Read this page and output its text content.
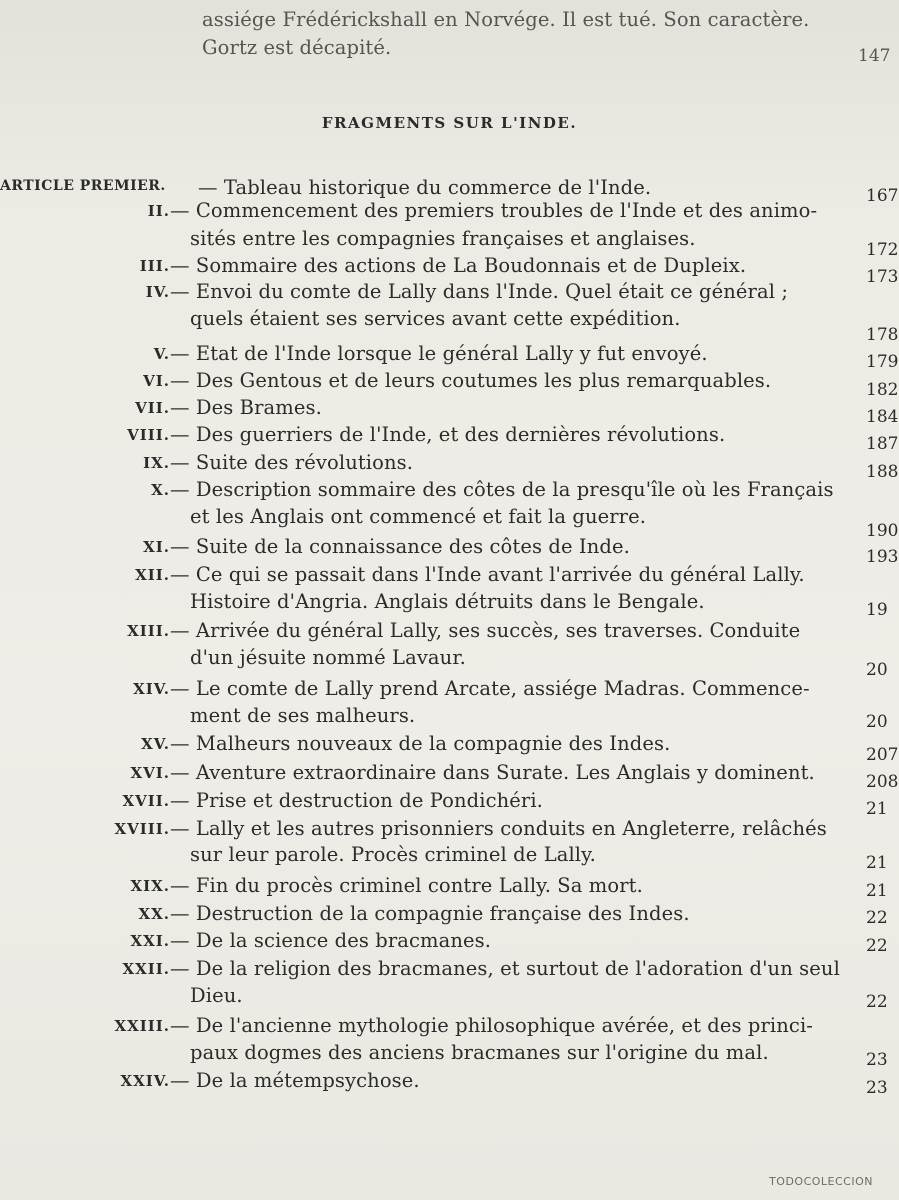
assiége Frédérickshall en Norvége. Il est tué. Son caractère.
Gortz est décapité.	147
FRAGMENTS SUR L'INDE.
ARTICLE PREMIER. — Tableau historique du commerce de l'Inde.	167
II. — Commencement des premiers troubles de l'Inde et des animo-
sités entre les compagnies françaises et anglaises.	172
III. — Sommaire des actions de La Boudonnais et de Dupleix.	173
IV. — Envoi du comte de Lally dans l'Inde. Quel était ce général ;
quels étaient ses services avant cette expédition.
178
V. — Etat de l'Inde lorsque le général Lally y fut envoyé.	179
VI. — Des Gentous et de leurs coutumes les plus remarquables.	182
VII. — Des Brames.	184
VIII. — Des guerriers de l'Inde, et des dernières révolutions.	187
IX. — Suite des révolutions.	188
X. — Description sommaire des côtes de la presqu'île où les Français
et les Anglais ont commencé et fait la guerre.
190
XI. — Suite de la connaissance des côtes de Inde.	193
XII. — Ce qui se passait dans l'Inde avant l'arrivée du général Lally.
Histoire d'Angria. Anglais détruits dans le Bengale.	19
XIII. — Arrivée du général Lally, ses succès, ses traverses. Conduite
d'un jésuite nommé Lavaur.
20
XIV. — Le comte de Lally prend Arcate, assiége Madras. Commence-
ment de ses malheurs.	20
XV. — Malheurs nouveaux de la compagnie des Indes.	207
XVI. — Aventure extraordinaire dans Surate. Les Anglais y dominent.	208
XVII. — Prise et destruction de Pondichéri.	21
XVIII. — Lally et les autres prisonniers conduits en Angleterre, relâchés
sur leur parole. Procès criminel de Lally.	21
XIX. — Fin du procès criminel contre Lally. Sa mort.	21
XX. — Destruction de la compagnie française des Indes.	22
XXI. — De la science des bracmanes.	22
XXII. — De la religion des bracmanes, et surtout de l'adoration d'un seul
Dieu.	22
XXIII. — De l'ancienne mythologie philosophique avérée, et des princi-
paux dogmes des anciens bracmanes sur l'origine du mal.	23
XXIV. — De la métempsychose.	23
TODOCOLECCION
